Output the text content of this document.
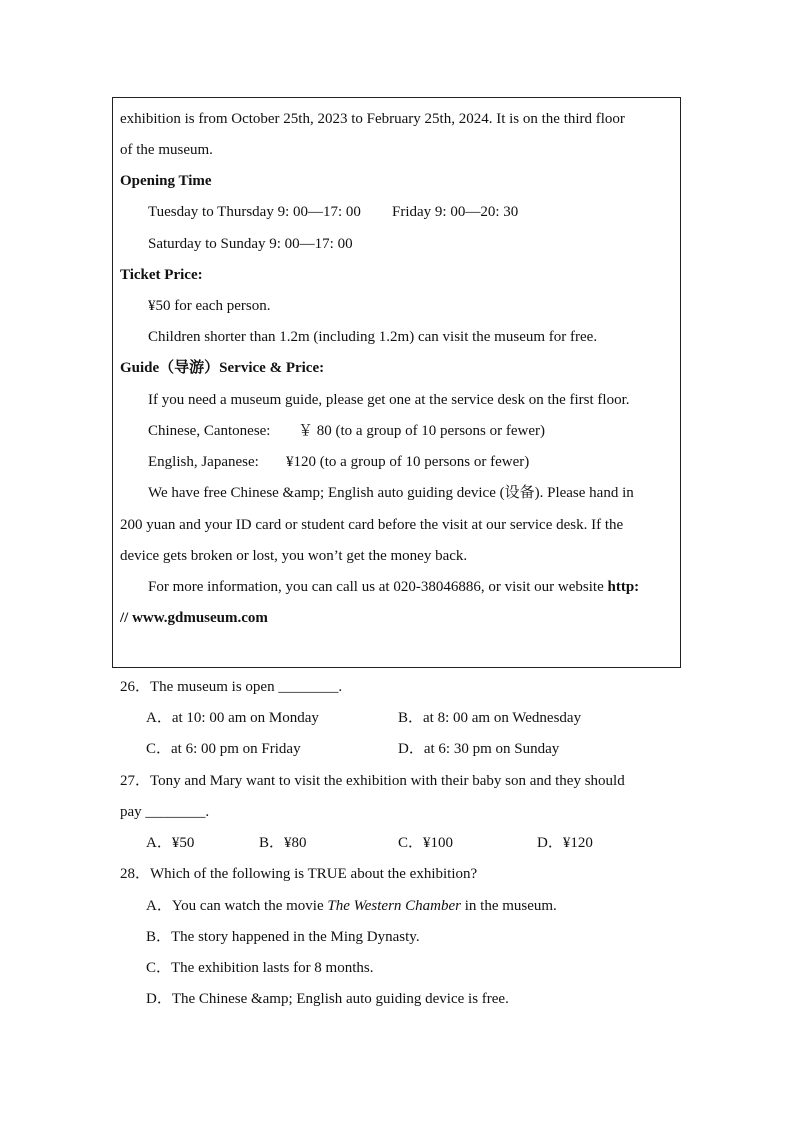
exhibition is from October 25th, 2023 to February 25th, 2024. It is on the third floor
of the museum.
Opening Time
Tuesday to Thursday 9: 00—17: 00 Friday 9: 00—20: 30
Saturday to Sunday 9: 00—17: 00
Ticket Price:
¥50 for each person.
Children shorter than 1.2m (including 1.2m) can visit the museum for free.
Guide（导游）Service & Price:
If you need a museum guide, please get one at the service desk on the first floor.
Chinese, Cantonese: ￥ 80 (to a group of 10 persons or fewer)
English, Japanese: ¥120 (to a group of 10 persons or fewer)
We have free Chinese &amp; English auto guiding device (设备). Please hand in
200 yuan and your ID card or student card before the visit at our service desk. If the
device gets broken or lost, you won’t get the money back.
For more information, you can call us at 020-38046886, or visit our website http:
// www.gdmuseum.com
26．The museum is open ________.
A．at 10: 00 am on Monday	B．at 8: 00 am on Wednesday
C．at 6: 00 pm on Friday	D．at 6: 30 pm on Sunday
27．Tony and Mary want to visit the exhibition with their baby son and they should
pay ________.
A．¥50	B．¥80	C．¥100	D．¥120
28．Which of the following is TRUE about the exhibition?
A．You can watch the movie The Western Chamber in the museum.
B．The story happened in the Ming Dynasty.
C．The exhibition lasts for 8 months.
D．The Chinese &amp; English auto guiding device is free.
